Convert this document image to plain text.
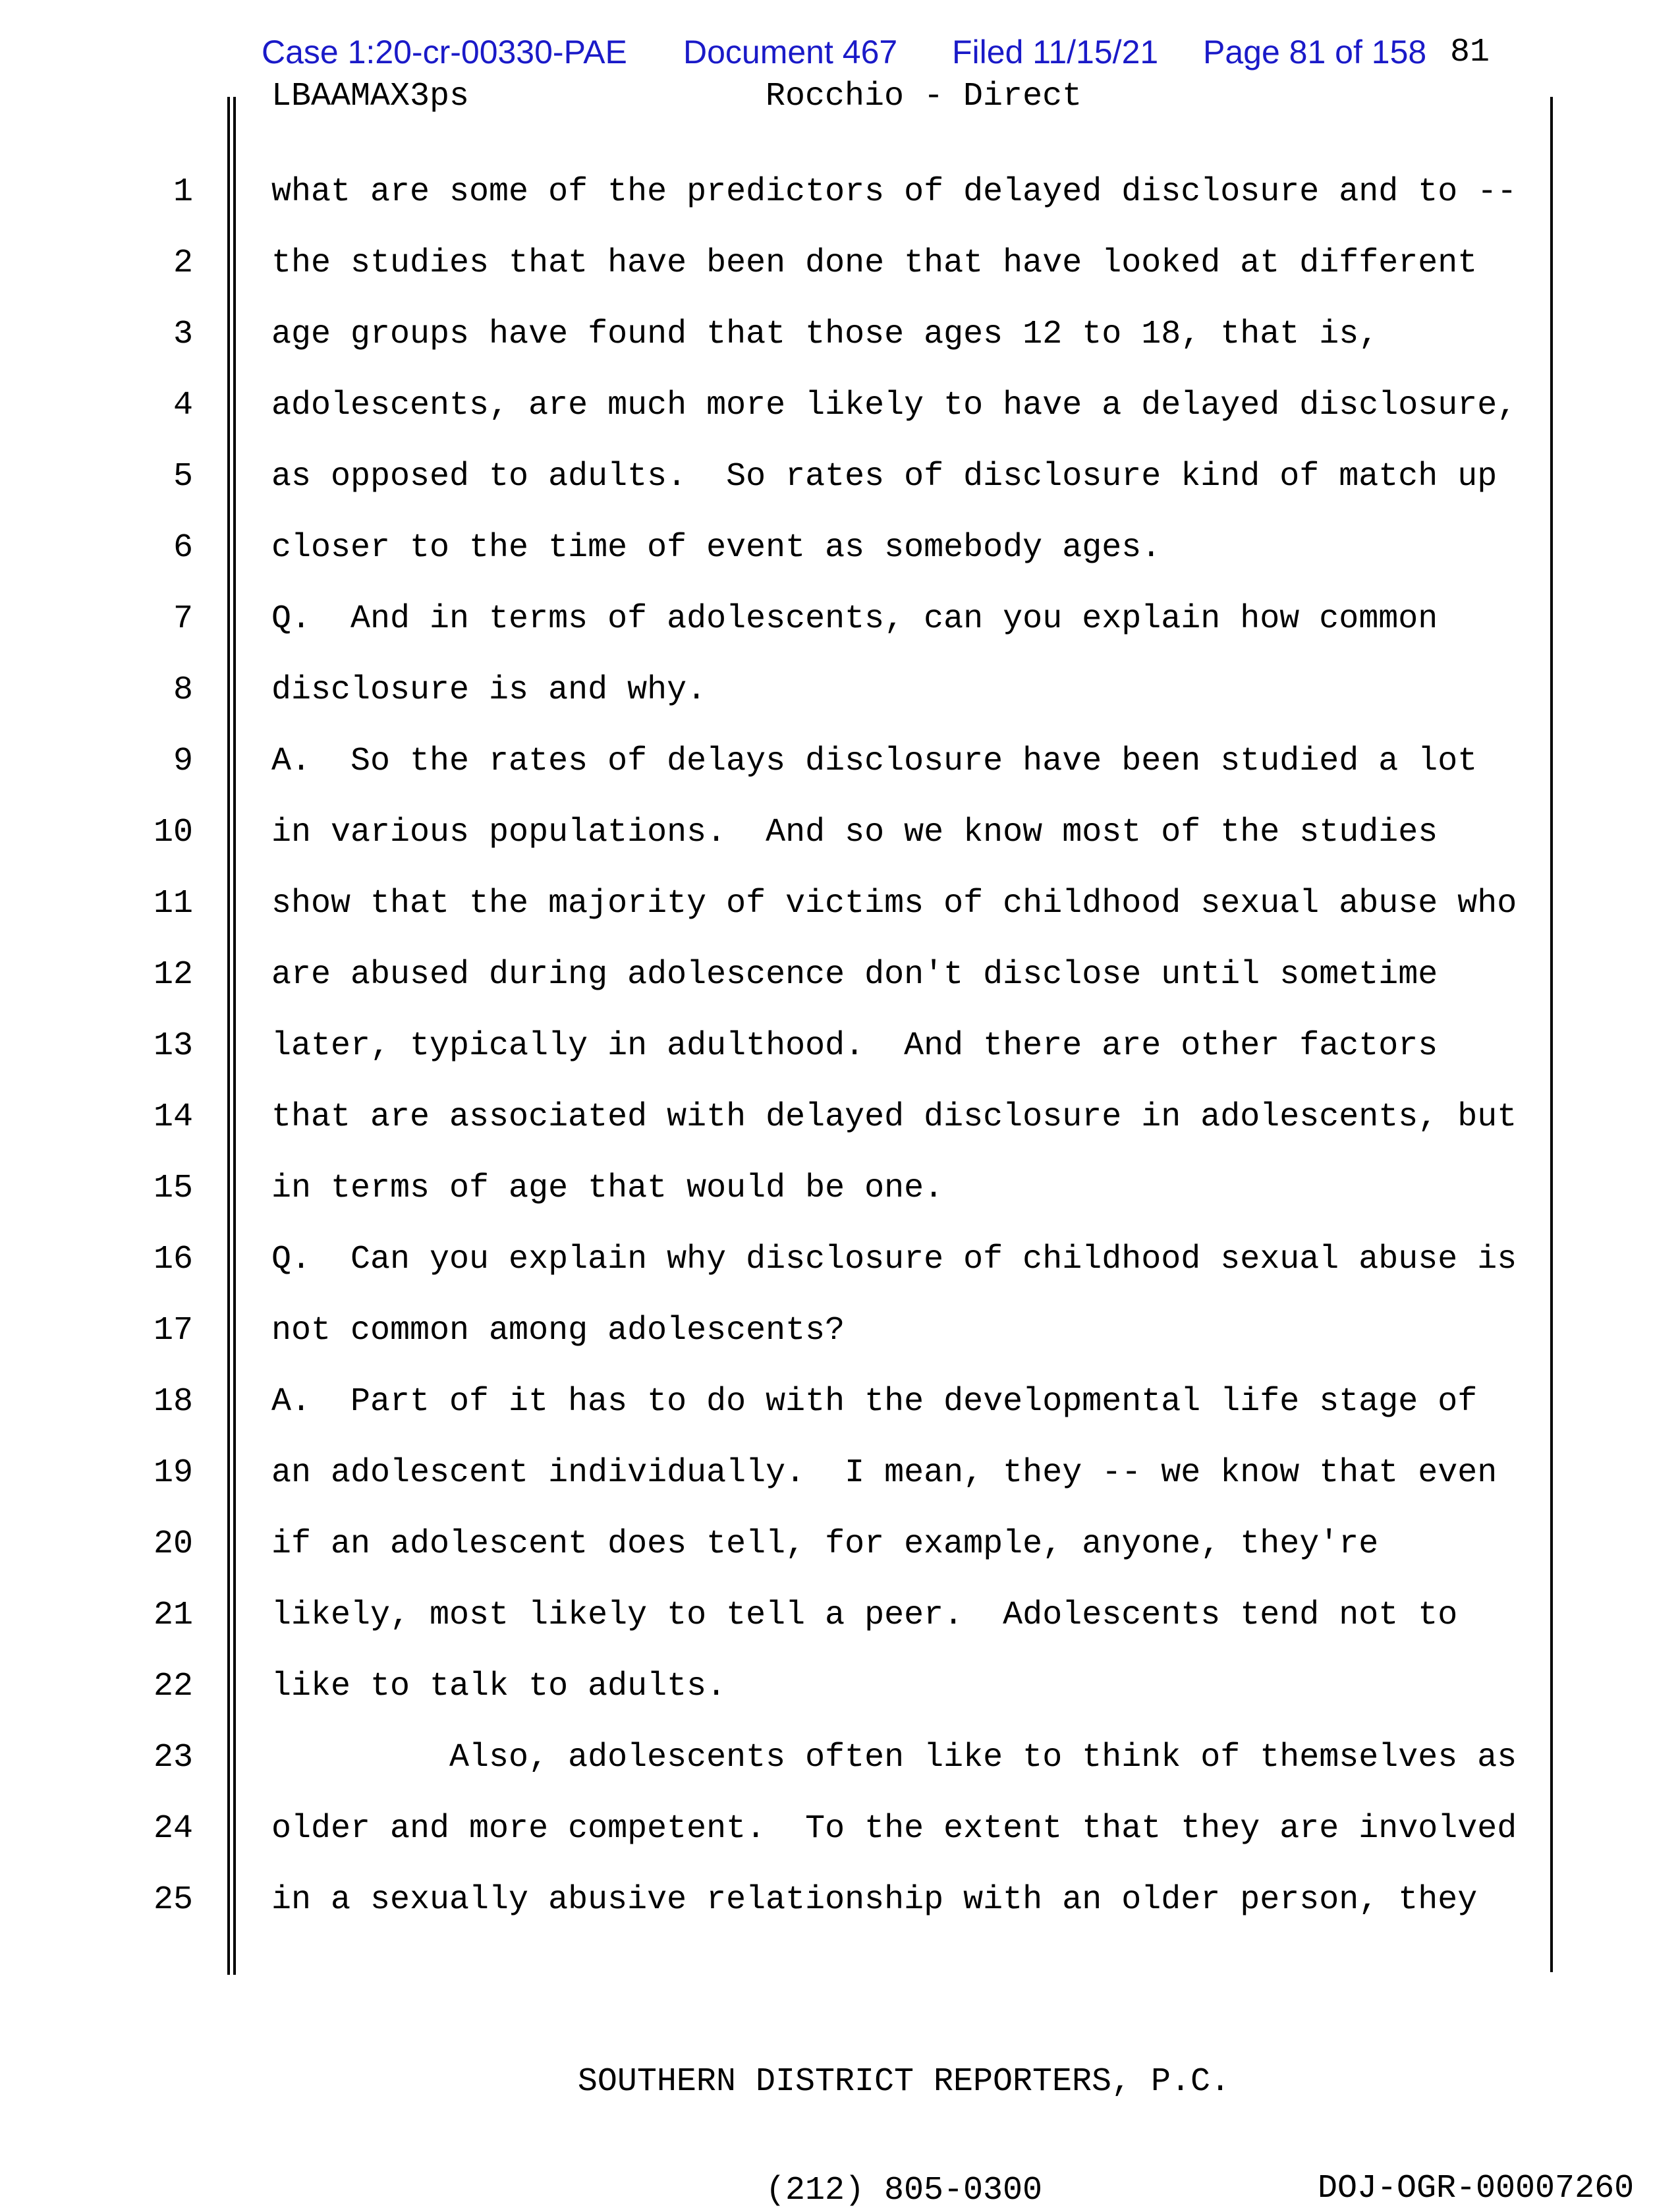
Case 1:20-cr-00330-PAE Document 467 Filed 11/15/21 Page 81 of 158 81
LBAAMAX3ps	Rocchio - Direct
1 what are some of the predictors of delayed disclosure and to --
2 the studies that have been done that have looked at different
3 age groups have found that those ages 12 to 18, that is,
4 adolescents, are much more likely to have a delayed disclosure,
5 as opposed to adults.  So rates of disclosure kind of match up
6 closer to the time of event as somebody ages.
7 Q.  And in terms of adolescents, can you explain how common
8 disclosure is and why.
9 A.  So the rates of delays disclosure have been studied a lot
10 in various populations.  And so we know most of the studies
11 show that the majority of victims of childhood sexual abuse who
12 are abused during adolescence don't disclose until sometime
13 later, typically in adulthood.  And there are other factors
14 that are associated with delayed disclosure in adolescents, but
15 in terms of age that would be one.
16 Q.  Can you explain why disclosure of childhood sexual abuse is
17 not common among adolescents?
18 A.  Part of it has to do with the developmental life stage of
19 an adolescent individually.  I mean, they -- we know that even
20 if an adolescent does tell, for example, anyone, they're
21 likely, most likely to tell a peer.  Adolescents tend not to
22 like to talk to adults.
23 Also, adolescents often like to think of themselves as
24 older and more competent.  To the extent that they are involved
25 in a sexually abusive relationship with an older person, they

SOUTHERN DISTRICT REPORTERS, P.C.

(212) 805-0300

	DOJ-OGR-00007260
